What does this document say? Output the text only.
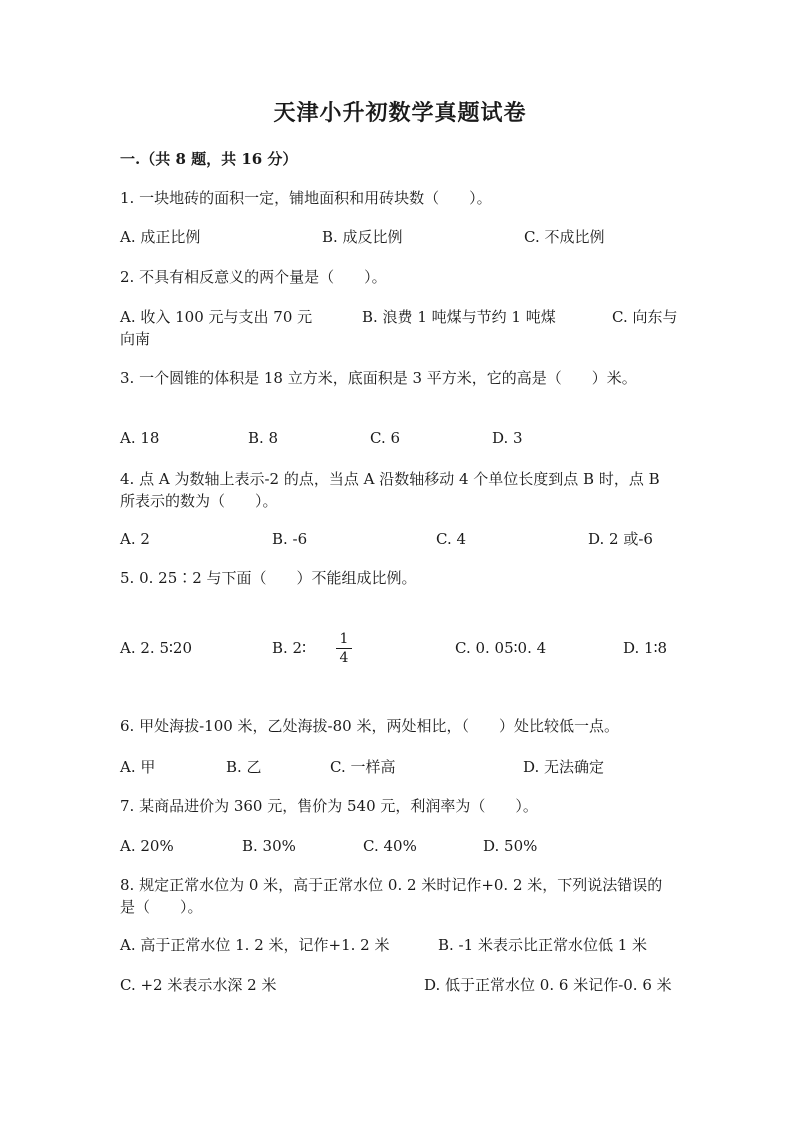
天津小升初数学真题试卷
一.（共 8 题，共 16 分）
1. 一块地砖的面积一定，铺地面积和用砖块数（　　）。
A. 成正比例	B. 成反比例	C. 不成比例
2. 不具有相反意义的两个量是（　　）。
A. 收入 100 元与支出 70 元	B. 浪费 1 吨煤与节约 1 吨煤	C. 向东与
向南
3. 一个圆锥的体积是 18 立方米，底面积是 3 平方米，它的高是（　　）米。
A. 18	B. 8	C. 6	D. 3
4. 点 A 为数轴上表示-2 的点，当点 A 沿数轴移动 4 个单位长度到点 B 时，点 B
所表示的数为（　　）。
A. 2	B. -6	C. 4	D. 2 或-6
5. 0. 25∶2 与下面（　　）不能组成比例。
A. 2. 5∶20	B. 2∶ 1
4
C. 0. 05∶0. 4	D. 1∶8
6. 甲处海拔-100 米，乙处海拔-80 米，两处相比，（　　）处比较低一点。
A. 甲	B. 乙	C. 一样高	D. 无法确定
7. 某商品进价为 360 元，售价为 540 元，利润率为（　　）。
A. 20%	B. 30%	C. 40%	D. 50%
8. 规定正常水位为 0 米，高于正常水位 0. 2 米时记作+0. 2 米，下列说法错误的
是（　　）。
A. 高于正常水位 1. 2 米，记作+1. 2 米	B. -1 米表示比正常水位低 1 米
C. +2 米表示水深 2 米	D. 低于正常水位 0. 6 米记作-0. 6 米
